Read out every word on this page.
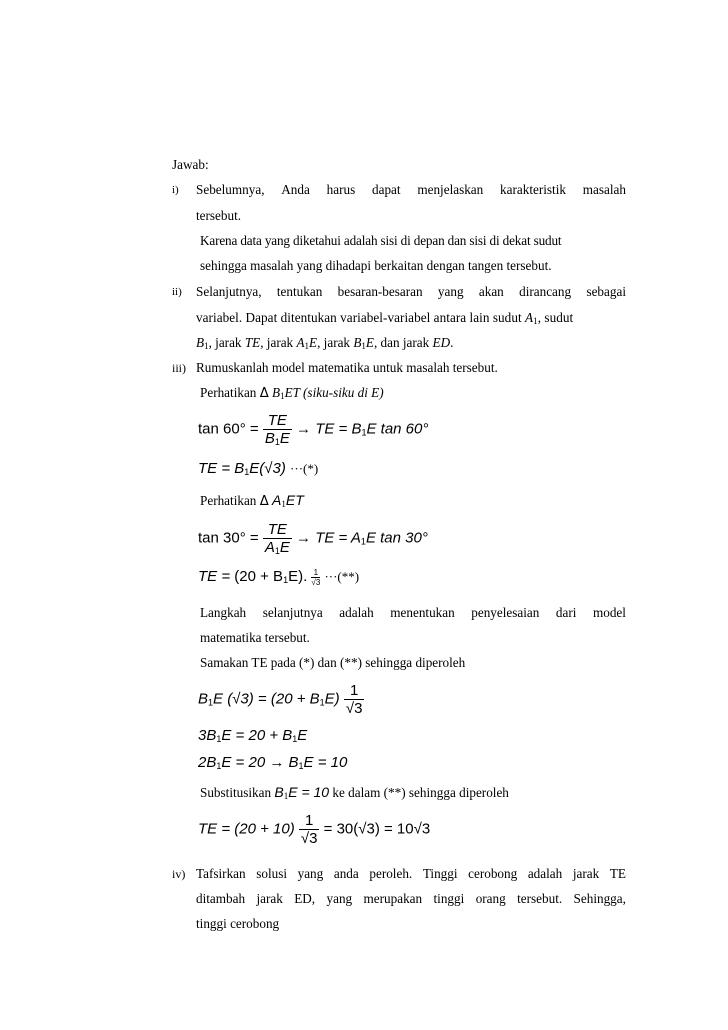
Jawab:
i) Sebelumnya, Anda harus dapat menjelaskan karakteristik masalah
tersebut.
Karena data yang diketahui adalah sisi di depan dan sisi di dekat sudut
sehingga masalah yang dihadapi berkaitan dengan tangen tersebut.
ii) Selanjutnya, tentukan besaran-besaran yang akan dirancang sebagai
variabel. Dapat ditentukan variabel-variabel antara lain sudut $A_1$, sudut
$B_1$, jarak TE, jarak $A_1E$, jarak $B_1E$, dan jarak ED.
iii) Rumuskanlah model matematika untuk masalah tersebut.
Perhatikan Δ $B_1ET$ (siku-siku di E)
$\tan 60^\circ = \frac{TE}{B_1E}$ → TE = $B_1E$ tan 60°
TE = $B_1E(√3)$ ···(*)
Perhatikan Δ $A_1ET$
$\tan 30^\circ = \frac{TE}{A_1E}$ → TE = $A_1E$ tan 30°
TE = $(20 + B_1E)$. $\frac{1}{√3}$ ···(**)
Langkah selanjutnya adalah menentukan penyelesaian dari model
matematika tersebut.
Samakan TE pada (*) dan (**) sehingga diperoleh
$B_1E$ $(√3) = (20 + B_1E) \frac{1}{√3}$
$3B_1E = 20 + B_1E$
$2B_1E = 20 \to B_1E = 10$
Substitusikan $B_1E = 10$ ke dalam (**) sehingga diperoleh
TE = $(20 + 10) \frac{1}{√3} = 30(√3) = 10√3$
iv) Tafsirkan solusi yang anda peroleh. Tinggi cerobong adalah jarak TE
ditambah jarak ED, yang merupakan tinggi orang tersebut. Sehingga,
tinggi cerobong
